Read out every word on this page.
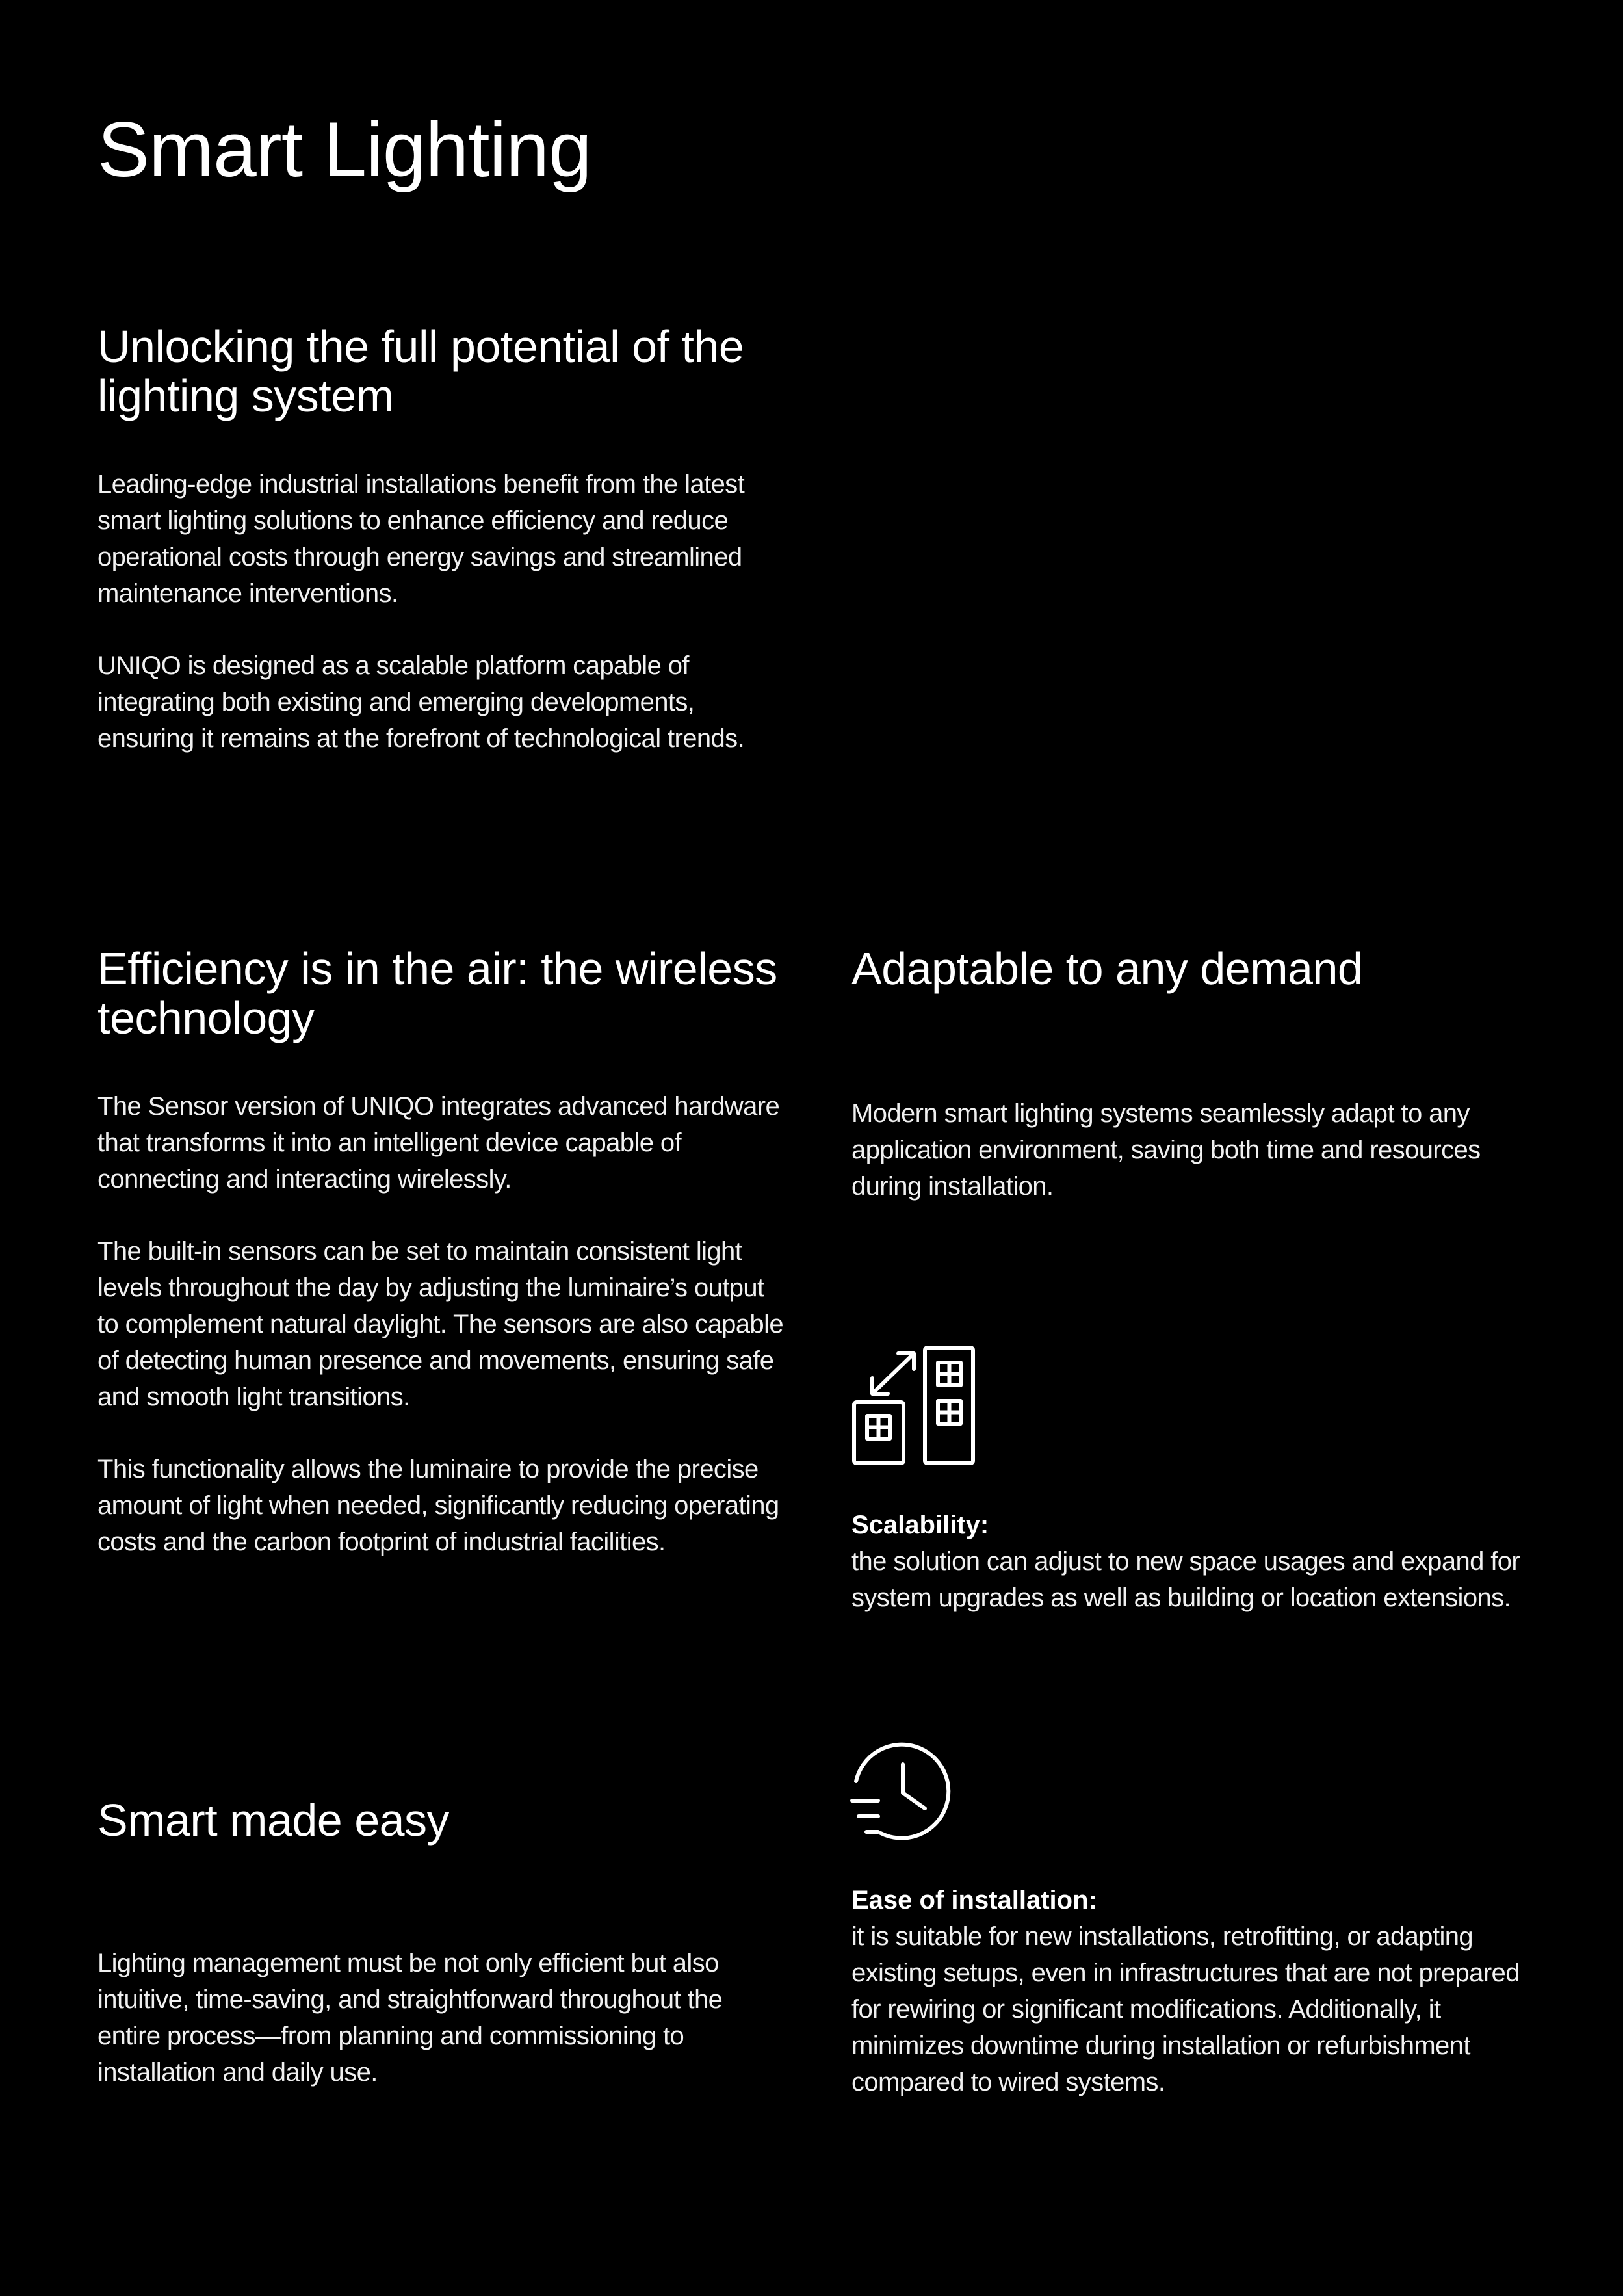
Smart Lighting
Unlocking the full potential of the lighting system

Leading-edge industrial installations benefit from the latest smart lighting solutions to enhance efficiency and reduce operational costs through energy savings and streamlined maintenance interventions.

UNIQO is designed as a scalable platform capable of integrating both existing and emerging developments, ensuring it remains at the forefront of technological trends.

Efficiency is in the air: the wireless technology

The Sensor version of UNIQO integrates advanced hardware that transforms it into an intelligent device capable of connecting and interacting wirelessly.

The built-in sensors can be set to maintain consistent light levels throughout the day by adjusting the luminaire’s output to complement natural daylight. The sensors are also capable of detecting human presence and movements, ensuring safe and smooth light transitions.

This functionality allows the luminaire to provide the precise amount of light when needed, significantly reducing operating costs and the carbon footprint of industrial facilities.

Smart made easy

Lighting management must be not only efficient but also intuitive, time-saving, and straightforward throughout the entire process—from planning and commissioning to installation and daily use.

Adaptable to any demand

Modern smart lighting systems seamlessly adapt to any application environment, saving both time and resources during installation.

Scalability:
the solution can adjust to new space usages and expand for system upgrades as well as building or location extensions.

Ease of installation:
it is suitable for new installations, retrofitting, or adapting existing setups, even in infrastructures that are not prepared for rewiring or significant modifications. Additionally, it minimizes downtime during installation or refurbishment compared to wired systems.
